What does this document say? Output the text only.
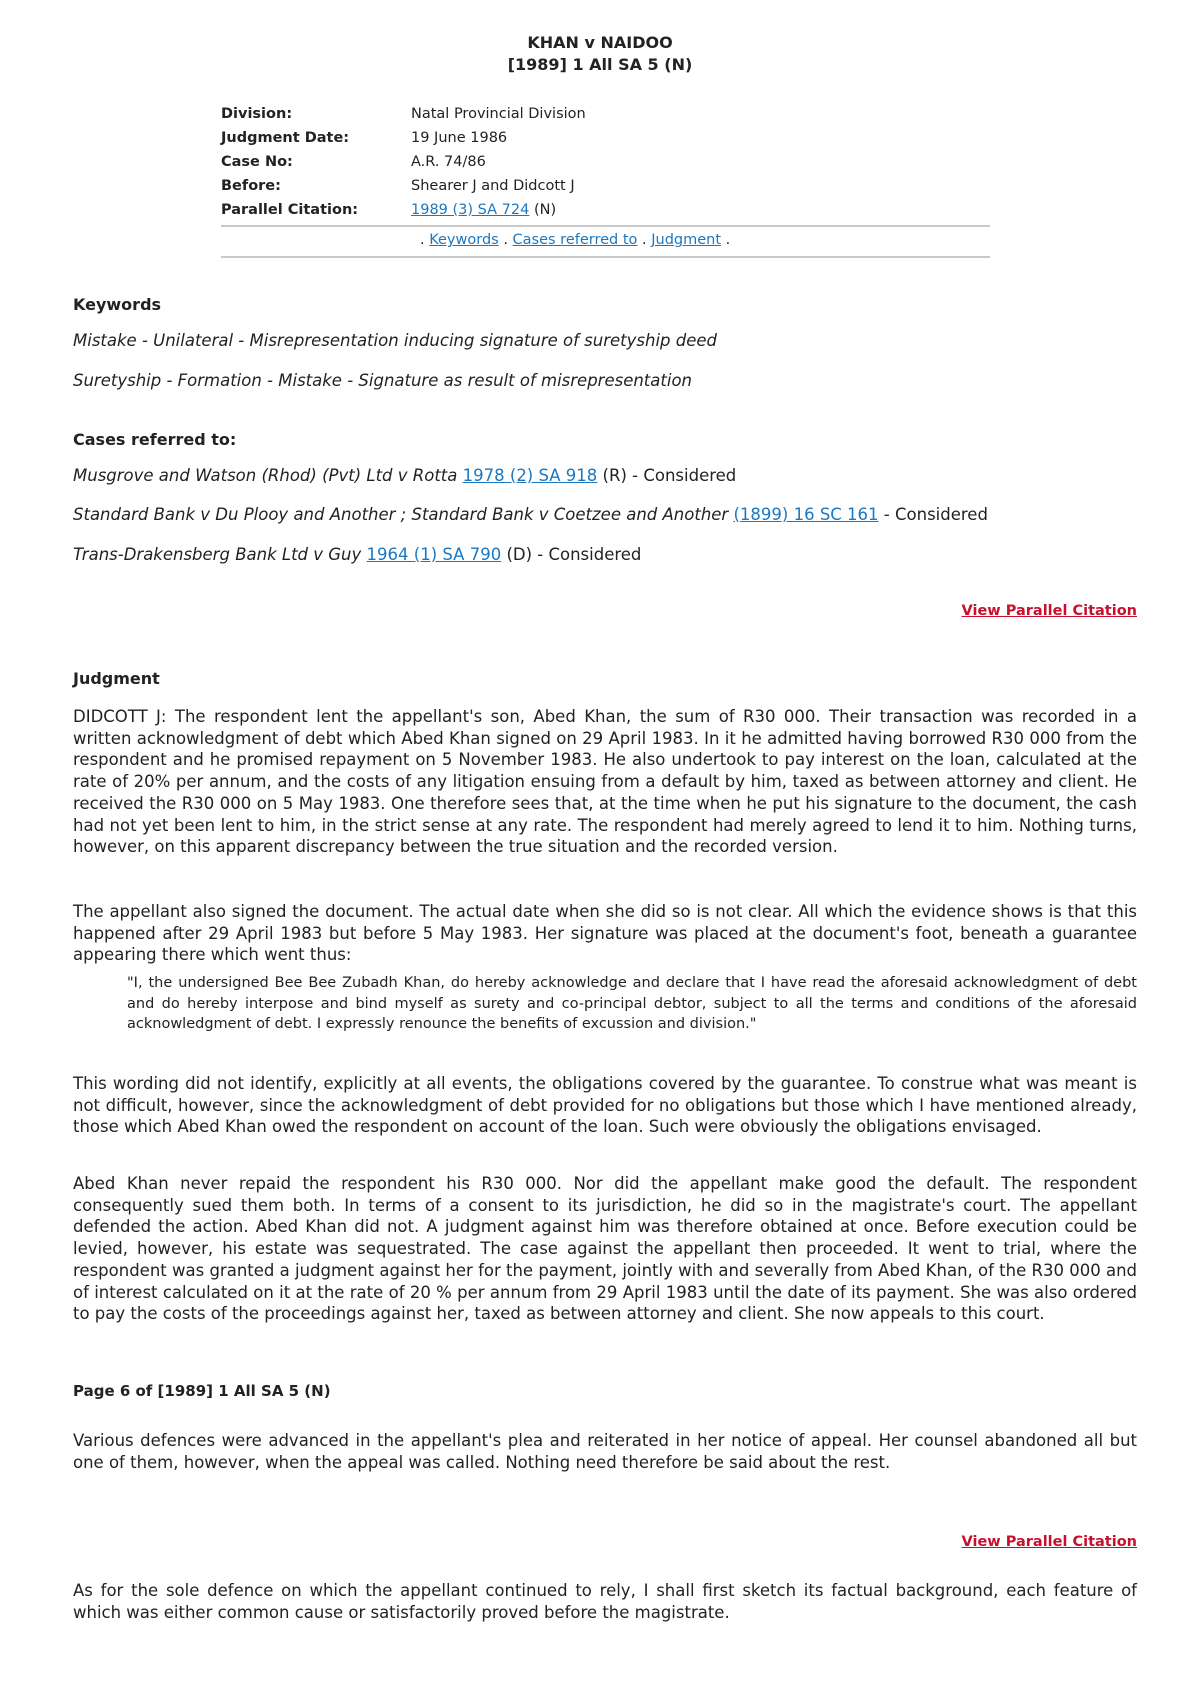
KHAN v NAIDOO
[1989] 1 All SA 5 (N)
Division:	Natal Provincial Division
Judgment Date:	19 June 1986
Case No:	A.R. 74/86
Before:	Shearer J and Didcott J
Parallel Citation:	1989 (3) SA 724 (N)
. Keywords . Cases referred to . Judgment .
Keywords
Mistake - Unilateral - Misrepresentation inducing signature of suretyship deed
Suretyship - Formation - Mistake - Signature as result of misrepresentation
Cases referred to:
Musgrove and Watson (Rhod) (Pvt) Ltd v Rotta 1978 (2) SA 918 (R) - Considered
Standard Bank v Du Plooy and Another ; Standard Bank v Coetzee and Another (1899) 16 SC 161 - Considered
Trans-Drakensberg Bank Ltd v Guy 1964 (1) SA 790 (D) - Considered
View Parallel Citation
Judgment

DIDCOTT J: The respondent lent the appellant's son, Abed Khan, the sum of R30 000. Their transaction was recorded in a written acknowledgment of debt which Abed Khan signed on 29 April 1983. In it he admitted having borrowed R30 000 from the respondent and he promised repayment on 5 November 1983. He also undertook to pay interest on the loan, calculated at the rate of 20% per annum, and the costs of any litigation ensuing from a default by him, taxed as between attorney and client. He received the R30 000 on 5 May 1983. One therefore sees that, at the time when he put his signature to the document, the cash had not yet been lent to him, in the strict sense at any rate. The respondent had merely agreed to lend it to him. Nothing turns, however, on this apparent discrepancy between the true situation and the recorded version.

The appellant also signed the document. The actual date when she did so is not clear. All which the evidence shows is that this happened after 29 April 1983 but before 5 May 1983. Her signature was placed at the document's foot, beneath a guarantee appearing there which went thus:

"I, the undersigned Bee Bee Zubadh Khan, do hereby acknowledge and declare that I have read the aforesaid acknowledgment of debt and do hereby interpose and bind myself as surety and co-principal debtor, subject to all the terms and conditions of the aforesaid acknowledgment of debt. I expressly renounce the benefits of excussion and division."

This wording did not identify, explicitly at all events, the obligations covered by the guarantee. To construe what was meant is not difficult, however, since the acknowledgment of debt provided for no obligations but those which I have mentioned already, those which Abed Khan owed the respondent on account of the loan. Such were obviously the obligations envisaged.

Abed Khan never repaid the respondent his R30 000. Nor did the appellant make good the default. The respondent consequently sued them both. In terms of a consent to its jurisdiction, he did so in the magistrate's court. The appellant defended the action. Abed Khan did not. A judgment against him was therefore obtained at once. Before execution could be levied, however, his estate was sequestrated. The case against the appellant then proceeded. It went to trial, where the respondent was granted a judgment against her for the payment, jointly with and severally from Abed Khan, of the R30 000 and of interest calculated on it at the rate of 20 % per annum from 29 April 1983 until the date of its payment. She was also ordered to pay the costs of the proceedings against her, taxed as between attorney and client. She now appeals to this court.

Page 6 of [1989] 1 All SA 5 (N)

Various defences were advanced in the appellant's plea and reiterated in her notice of appeal. Her counsel abandoned all but one of them, however, when the appeal was called. Nothing need therefore be said about the rest.

View Parallel Citation

As for the sole defence on which the appellant continued to rely, I shall first sketch its factual background, each feature of which was either common cause or satisfactorily proved before the magistrate.
